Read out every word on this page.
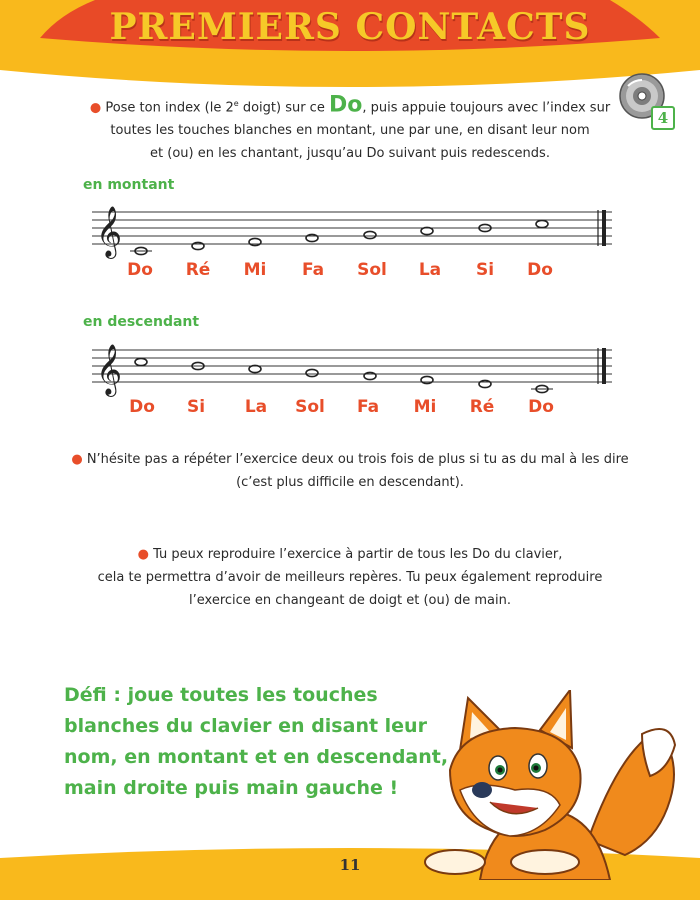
PREMIERS CONTACTS
4
● Pose ton index (le 2e doigt) sur ce Do, puis appuie toujours avec l’index sur
toutes les touches blanches en montant, une par une, en disant leur nom
et (ou) en les chantant, jusqu’au Do suivant puis redescends.
en montant
𝄞
Do Ré Mi Fa Sol La Si Do
en descendant
𝄞
Do Si La Sol Fa Mi Ré Do
● N’hésite pas a répéter l’exercice deux ou trois fois de plus si tu as du mal à les dire
(c’est plus difficile en descendant).
● Tu peux reproduire l’exercice à partir de tous les Do du clavier,
cela te permettra d’avoir de meilleurs repères. Tu peux également reproduire
l’exercice en changeant de doigt et (ou) de main.
Défi : joue toutes les touches
blanches du clavier en disant leur
nom, en montant et en descendant,
main droite puis main gauche !
11
